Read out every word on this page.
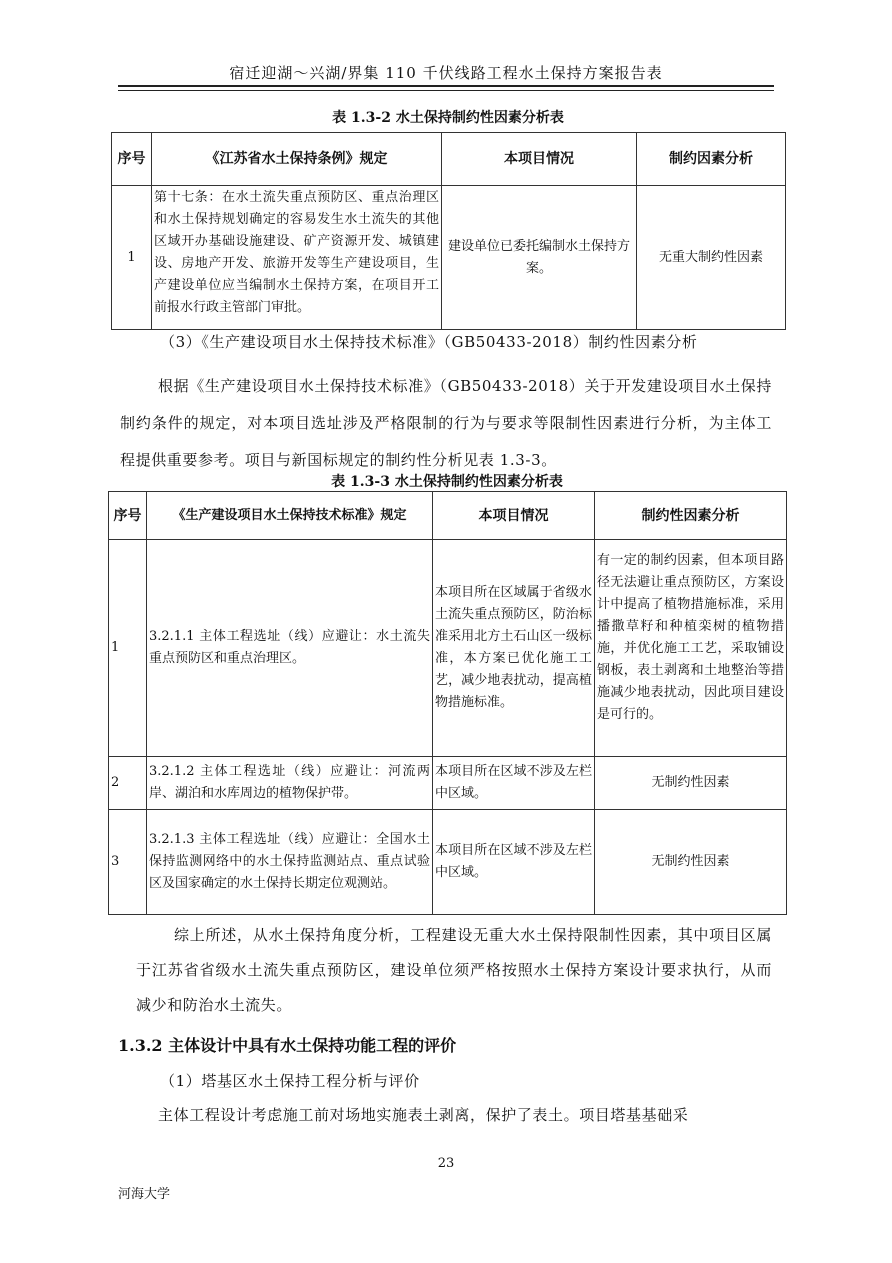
宿迁迎湖～兴湖/界集 110 千伏线路工程水土保持方案报告表
表 1.3-2 水土保持制约性因素分析表
序号	《江苏省水土保持条例》规定	本项目情况	制约因素分析
1	第十七条：在水土流失重点预防区、重点治理区和水土保持规划确定的容易发生水土流失的其他区域开办基础设施建设、矿产资源开发、城镇建设、房地产开发、旅游开发等生产建设项目，生产建设单位应当编制水土保持方案，在项目开工前报水行政主管部门审批。	建设单位已委托编制水土保持方案。	无重大制约性因素
（3）《生产建设项目水土保持技术标准》（GB50433-2018）制约性因素分析
根据《生产建设项目水土保持技术标准》（GB50433-2018）关于开发建设项目水土保持制约条件的规定，对本项目选址涉及严格限制的行为与要求等限制性因素进行分析，为主体工程提供重要参考。项目与新国标规定的制约性分析见表 1.3-3。
表 1.3-3 水土保持制约性因素分析表
序号	《生产建设项目水土保持技术标准》规定	本项目情况	制约性因素分析
1	3.2.1.1 主体工程选址（线）应避让：水土流失重点预防区和重点治理区。	本项目所在区域属于省级水土流失重点预防区，防治标准采用北方土石山区一级标准，本方案已优化施工工艺，减少地表扰动，提高植物措施标准。	有一定的制约因素，但本项目路径无法避让重点预防区，方案设计中提高了植物措施标准，采用播撒草籽和种植栾树的植物措施，并优化施工工艺，采取铺设钢板，表土剥离和土地整治等措施减少地表扰动，因此项目建设是可行的。
2	3.2.1.2 主体工程选址（线）应避让：河流两岸、湖泊和水库周边的植物保护带。	本项目所在区域不涉及左栏中区域。	无制约性因素
3	3.2.1.3 主体工程选址（线）应避让：全国水土保持监测网络中的水土保持监测站点、重点试验区及国家确定的水土保持长期定位观测站。	本项目所在区域不涉及左栏中区域。	无制约性因素
综上所述，从水土保持角度分析，工程建设无重大水土保持限制性因素，其中项目区属于江苏省省级水土流失重点预防区，建设单位须严格按照水土保持方案设计要求执行，从而减少和防治水土流失。
1.3.2 主体设计中具有水土保持功能工程的评价
（1）塔基区水土保持工程分析与评价
主体工程设计考虑施工前对场地实施表土剥离，保护了表土。项目塔基基础采
23
河海大学
